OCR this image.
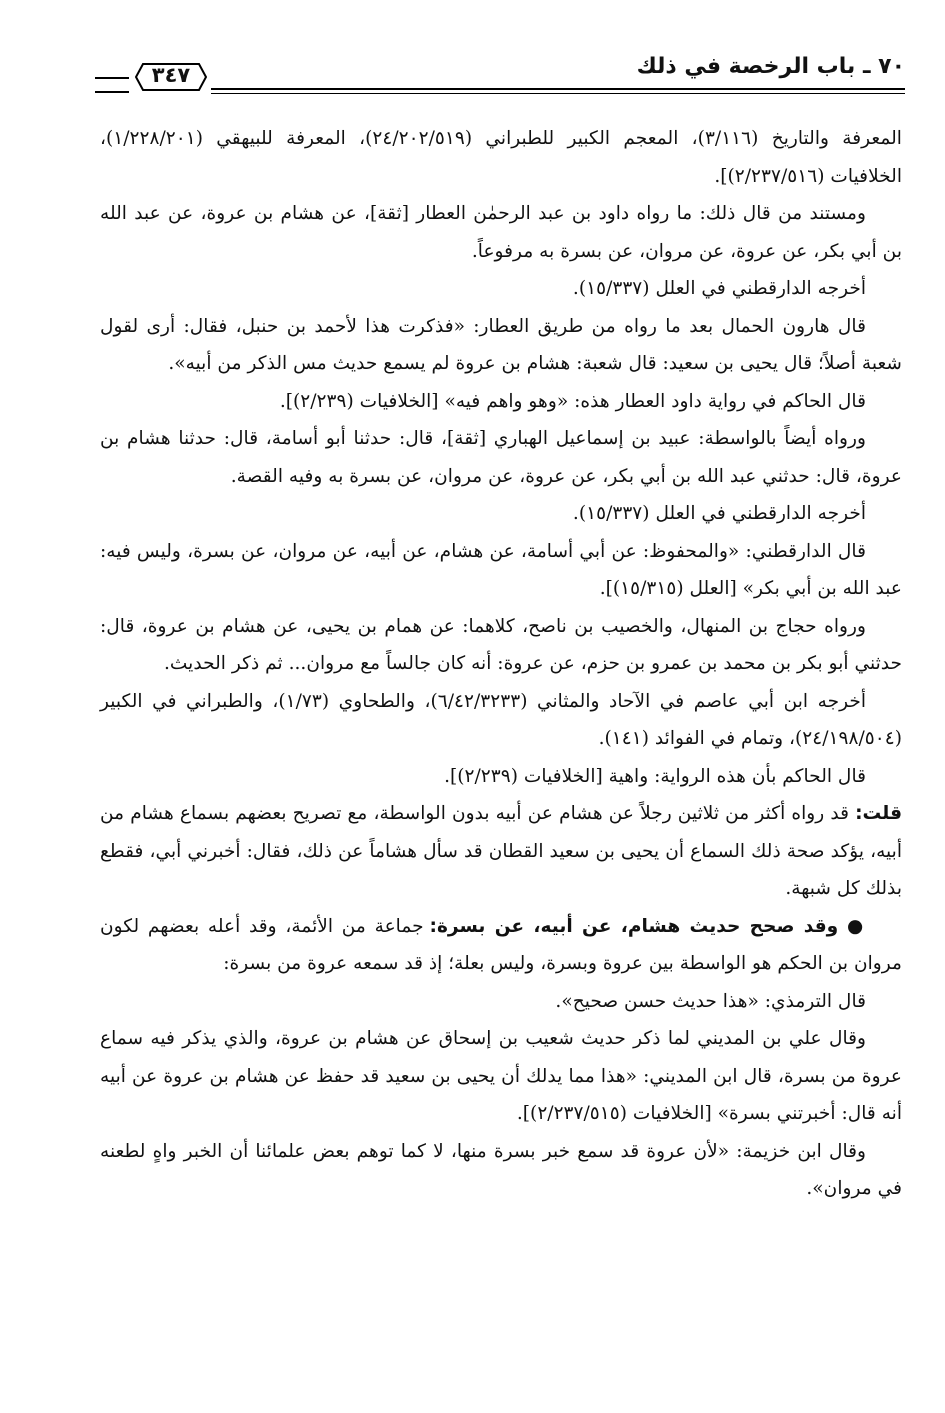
٣٤٧	٧٠ ـ باب الرخصة في ذلك

المعرفة والتاريخ (٣/١١٦)، المعجم الكبير للطبراني (٢٤/٢٠٢/٥١٩)، المعرفة للبيهقي (١/٢٢٨/٢٠١)، الخلافيات (٢/٢٣٧/٥١٦)].

ومستند من قال ذلك: ما رواه داود بن عبد الرحمٰن العطار [ثقة]، عن هشام بن عروة، عن عبد الله بن أبي بكر، عن عروة، عن مروان، عن بسرة به مرفوعاً.

أخرجه الدارقطني في العلل (١٥/٣٣٧).

قال هارون الحمال بعد ما رواه من طريق العطار: «فذكرت هذا لأحمد بن حنبل، فقال: أرى لقول شعبة أصلاً؛ قال يحيى بن سعيد: قال شعبة: هشام بن عروة لم يسمع حديث مس الذكر من أبيه».

قال الحاكم في رواية داود العطار هذه: «وهو واهم فيه» [الخلافيات (٢/٢٣٩)].

ورواه أيضاً بالواسطة: عبيد بن إسماعيل الهباري [ثقة]، قال: حدثنا أبو أسامة، قال: حدثنا هشام بن عروة، قال: حدثني عبد الله بن أبي بكر، عن عروة، عن مروان، عن بسرة به وفيه القصة.

أخرجه الدارقطني في العلل (١٥/٣٣٧).

قال الدارقطني: «والمحفوظ: عن أبي أسامة، عن هشام، عن أبيه، عن مروان، عن بسرة، وليس فيه: عبد الله بن أبي بكر» [العلل (١٥/٣١٥)].

ورواه حجاج بن المنهال، والخصيب بن ناصح، كلاهما: عن همام بن يحيى، عن هشام بن عروة، قال: حدثني أبو بكر بن محمد بن عمرو بن حزم، عن عروة: أنه كان جالساً مع مروان... ثم ذكر الحديث.

أخرجه ابن أبي عاصم في الآحاد والمثاني (٦/٤٢/٣٢٣٣)، والطحاوي (١/٧٣)، والطبراني في الكبير (٢٤/١٩٨/٥٠٤)، وتمام في الفوائد (١٤١).

قال الحاكم بأن هذه الرواية: واهية [الخلافيات (٢/٢٣٩)].

قلت: قد رواه أكثر من ثلاثين رجلاً عن هشام عن أبيه بدون الواسطة، مع تصريح بعضهم بسماع هشام من أبيه، يؤكد صحة ذلك السماع أن يحيى بن سعيد القطان قد سأل هشاماً عن ذلك، فقال: أخبرني أبي، فقطع بذلك كل شبهة.

● وقد صحح حديث هشام، عن أبيه، عن بسرة: جماعة من الأئمة، وقد أعله بعضهم لكون مروان بن الحكم هو الواسطة بين عروة وبسرة، وليس بعلة؛ إذ قد سمعه عروة من بسرة:

قال الترمذي: «هذا حديث حسن صحيح».

وقال علي بن المديني لما ذكر حديث شعيب بن إسحاق عن هشام بن عروة، والذي يذكر فيه سماع عروة من بسرة، قال ابن المديني: «هذا مما يدلك أن يحيى بن سعيد قد حفظ عن هشام بن عروة عن أبيه أنه قال: أخبرتني بسرة» [الخلافيات (٢/٢٣٧/٥١٥)].

وقال ابن خزيمة: «لأن عروة قد سمع خبر بسرة منها، لا كما توهم بعض علمائنا أن الخبر واهٍ لطعنه في مروان».
